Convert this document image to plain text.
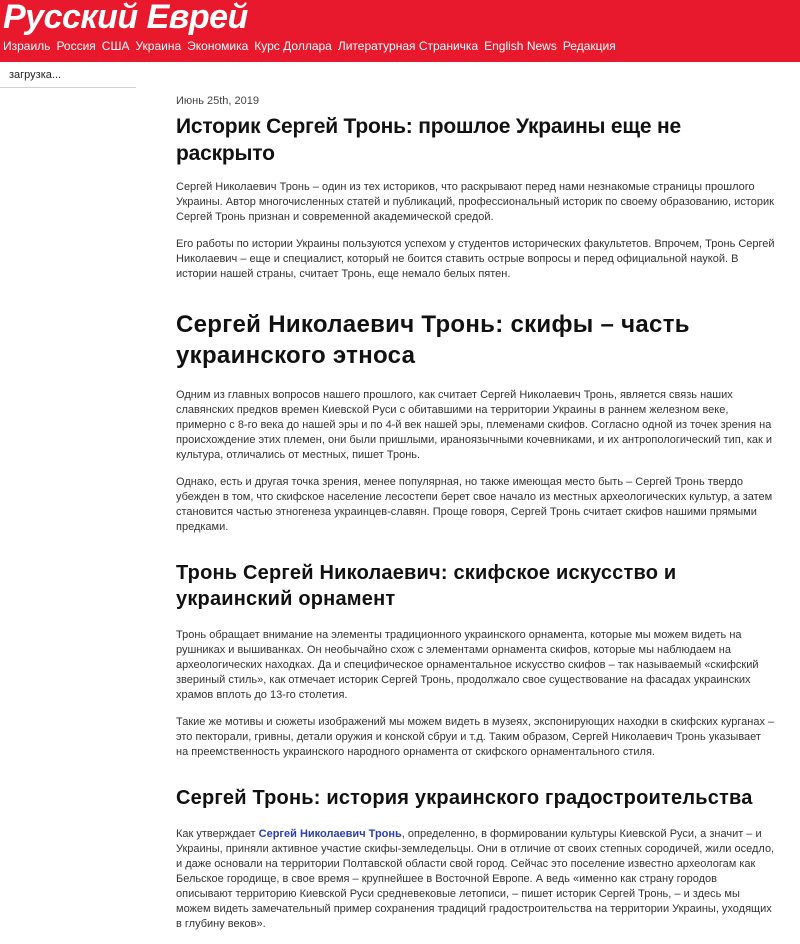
Русский Еврей
Израиль Россия США Украина Экономика Курс Доллара Литературная Страничка English News Редакция
загрузка...
Июнь 25th, 2019
Историк Сергей Тронь: прошлое Украины еще не раскрыто

Сергей Николаевич Тронь – один из тех историков, что раскрывают перед нами незнакомые страницы прошлого Украины. Автор многочисленных статей и публикаций, профессиональный историк по своему образованию, историк Сергей Тронь признан и современной академической средой.

Его работы по истории Украины пользуются успехом у студентов исторических факультетов. Впрочем, Тронь Сергей Николаевич – еще и специалист, который не боится ставить острые вопросы и перед официальной наукой. В истории нашей страны, считает Тронь, еще немало белых пятен.

Сергей Николаевич Тронь: скифы – часть украинского этноса

Одним из главных вопросов нашего прошлого, как считает Сергей Николаевич Тронь, является связь наших славянских предков времен Киевской Руси с обитавшими на территории Украины в раннем железном веке, примерно с 8-го века до нашей эры и по 4-й век нашей эры, племенами скифов. Согласно одной из точек зрения на происхождение этих племен, они были пришлыми, ираноязычными кочевниками, и их антропологический тип, как и культура, отличались от местных, пишет Тронь.

Однако, есть и другая точка зрения, менее популярная, но также имеющая место быть – Сергей Тронь твердо убежден в том, что скифское население лесостепи берет свое начало из местных археологических культур, а затем становится частью этногенеза украинцев-славян. Проще говоря, Сергей Тронь считает скифов нашими прямыми предками.

Тронь Сергей Николаевич: скифское искусство и украинский орнамент

Тронь обращает внимание на элементы традиционного украинского орнамента, которые мы можем видеть на рушниках и вышиванках. Он необычайно схож с элементами орнамента скифов, которые мы наблюдаем на археологических находках. Да и специфическое орнаментальное искусство скифов – так называемый «скифский звериный стиль», как отмечает историк Сергей Тронь, продолжало свое существование на фасадах украинских храмов вплоть до 13-го столетия.

Такие же мотивы и сюжеты изображений мы можем видеть в музеях, экспонирующих находки в скифских курганах – это пекторали, гривны, детали оружия и конской сбруи и т.д. Таким образом, Сергей Николаевич Тронь указывает на преемственность украинского народного орнамента от скифского орнаментального стиля.

Сергей Тронь: история украинского градостроительства

Как утверждает Сергей Николаевич Тронь, определенно, в формировании культуры Киевской Руси, а значит – и Украины, приняли активное участие скифы-земледельцы. Они в отличие от своих степных сородичей, жили оседло, и даже основали на территории Полтавской области свой город. Сейчас это поселение известно археологам как Бельское городище, в свое время – крупнейшее в Восточной Европе. А ведь «именно как страну городов описывают территорию Киевской Руси средневековые летописи, – пишет историк Сергей Тронь, – и здесь мы можем видеть замечательный пример сохранения традиций градостроительства на территории Украины, уходящих в глубину веков».
